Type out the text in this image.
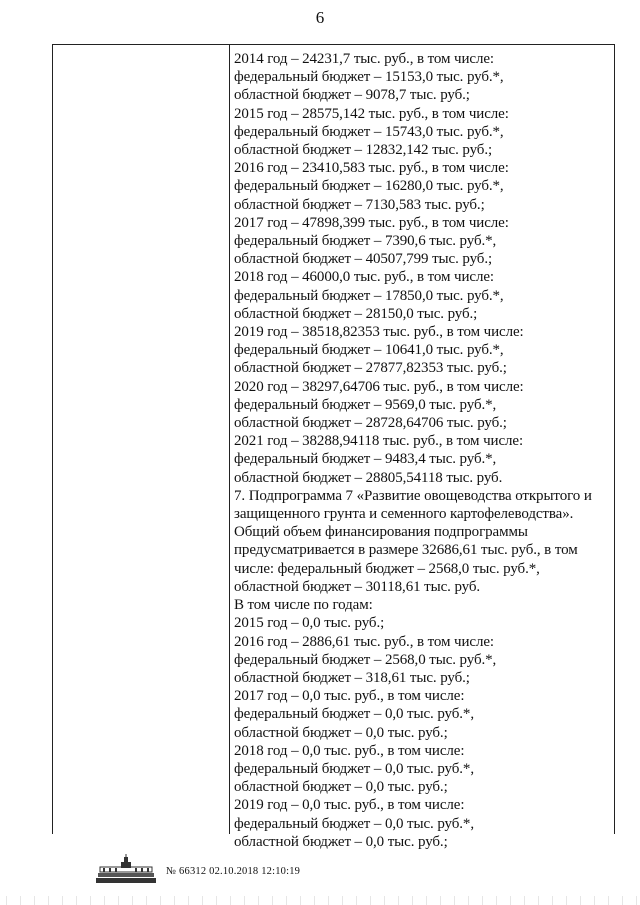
6
2014 год – 24231,7 тыс. руб., в том числе:
федеральный бюджет – 15153,0 тыс. руб.*,
областной бюджет – 9078,7 тыс. руб.;
2015 год – 28575,142 тыс. руб., в том числе:
федеральный бюджет – 15743,0 тыс. руб.*,
областной бюджет – 12832,142 тыс. руб.;
2016 год – 23410,583 тыс. руб., в том числе:
федеральный бюджет – 16280,0 тыс. руб.*,
областной бюджет – 7130,583 тыс. руб.;
2017 год – 47898,399 тыс. руб., в том числе:
федеральный бюджет – 7390,6 тыс. руб.*,
областной бюджет – 40507,799 тыс. руб.;
2018 год – 46000,0 тыс. руб., в том числе:
федеральный бюджет – 17850,0 тыс. руб.*,
областной бюджет – 28150,0 тыс. руб.;
2019 год – 38518,82353 тыс. руб., в том числе:
федеральный бюджет – 10641,0 тыс. руб.*,
областной бюджет – 27877,82353 тыс. руб.;
2020 год – 38297,64706 тыс. руб., в том числе:
федеральный бюджет – 9569,0 тыс. руб.*,
областной бюджет – 28728,64706 тыс. руб.;
2021 год – 38288,94118 тыс. руб., в том числе:
федеральный бюджет – 9483,4 тыс. руб.*,
областной бюджет – 28805,54118 тыс. руб.
7. Подпрограмма 7 «Развитие овощеводства открытого и
защищенного грунта и семенного картофелеводства».
Общий объем финансирования подпрограммы
предусматривается в размере 32686,61 тыс. руб., в том
числе: федеральный бюджет – 2568,0 тыс. руб.*,
областной бюджет – 30118,61 тыс. руб.
В том числе по годам:
2015 год – 0,0 тыс. руб.;
2016 год – 2886,61 тыс. руб., в том числе:
федеральный бюджет – 2568,0 тыс. руб.*,
областной бюджет – 318,61 тыс. руб.;
2017 год – 0,0 тыс. руб., в том числе:
федеральный бюджет – 0,0 тыс. руб.*,
областной бюджет – 0,0 тыс. руб.;
2018 год – 0,0 тыс. руб., в том числе:
федеральный бюджет – 0,0 тыс. руб.*,
областной бюджет – 0,0 тыс. руб.;
2019 год – 0,0 тыс. руб., в том числе:
федеральный бюджет – 0,0 тыс. руб.*,
областной бюджет – 0,0 тыс. руб.;
№ 66312 02.10.2018 12:10:19
